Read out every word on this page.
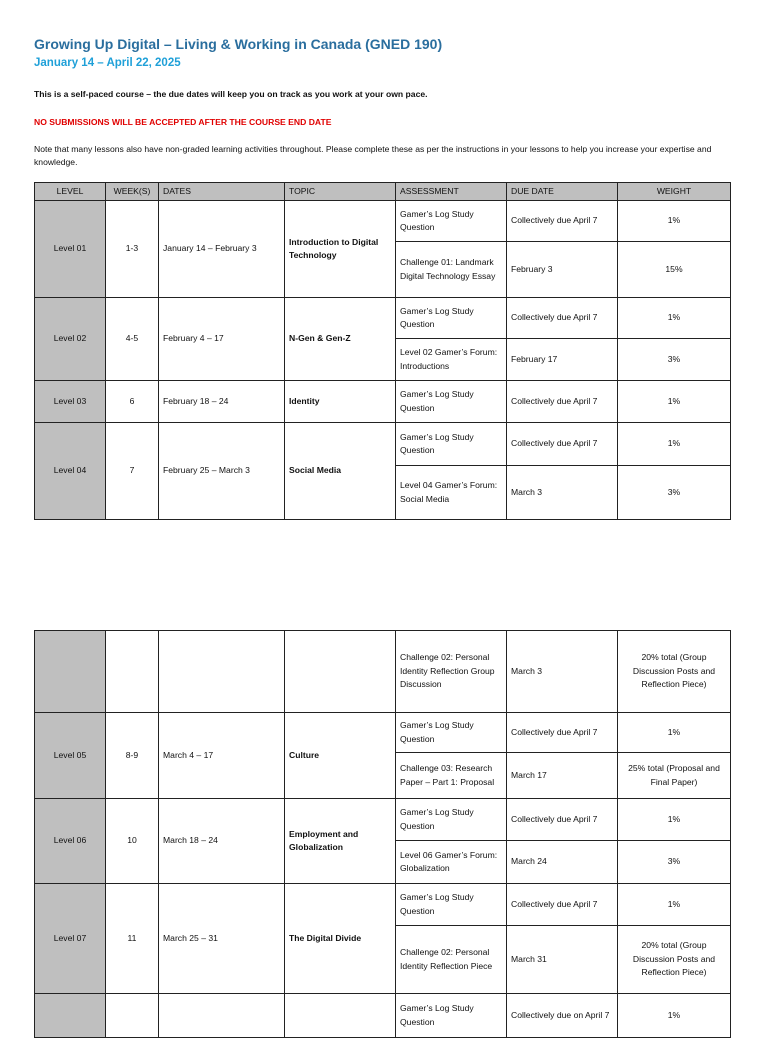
Growing Up Digital – Living & Working in Canada (GNED 190)
January 14 – April 22, 2025
This is a self-paced course – the due dates will keep you on track as you work at your own pace.
NO SUBMISSIONS WILL BE ACCEPTED AFTER THE COURSE END DATE
Note that many lessons also have non-graded learning activities throughout. Please complete these as per the instructions in your lessons to help you increase your expertise and knowledge.
LEVEL	WEEK(S)	DATES	TOPIC	ASSESSMENT	DUE DATE	WEIGHT
Level 01	1-3	January 14 – February 3	Introduction to Digital Technology	Gamer’s Log Study Question	Collectively due April 7	1%
				Challenge 01: Landmark Digital Technology Essay	February 3	15%
Level 02	4-5	February 4 – 17	N-Gen & Gen-Z	Gamer’s Log Study Question	Collectively due April 7	1%
				Level 02 Gamer’s Forum: Introductions	February 17	3%
Level 03	6	February 18 – 24	Identity	Gamer’s Log Study Question	Collectively due April 7	1%
Level 04	7	February 25 – March 3	Social Media	Gamer’s Log Study Question	Collectively due April 7	1%
				Level 04 Gamer’s Forum: Social Media	March 3	3%
				Challenge 02: Personal Identity Reflection Group Discussion	March 3	20% total (Group Discussion Posts and Reflection Piece)
Level 05	8-9	March 4 – 17	Culture	Gamer’s Log Study Question	Collectively due April 7	1%
				Challenge 03: Research Paper – Part 1: Proposal	March 17	25% total (Proposal and Final Paper)
Level 06	10	March 18 – 24	Employment and Globalization	Gamer’s Log Study Question	Collectively due April 7	1%
				Level 06 Gamer’s Forum: Globalization	March 24	3%
Level 07	11	March 25 – 31	The Digital Divide	Gamer’s Log Study Question	Collectively due April 7	1%
				Challenge 02: Personal Identity Reflection Piece	March 31	20% total (Group Discussion Posts and Reflection Piece)
				Gamer’s Log Study Question	Collectively due on April 7	1%
